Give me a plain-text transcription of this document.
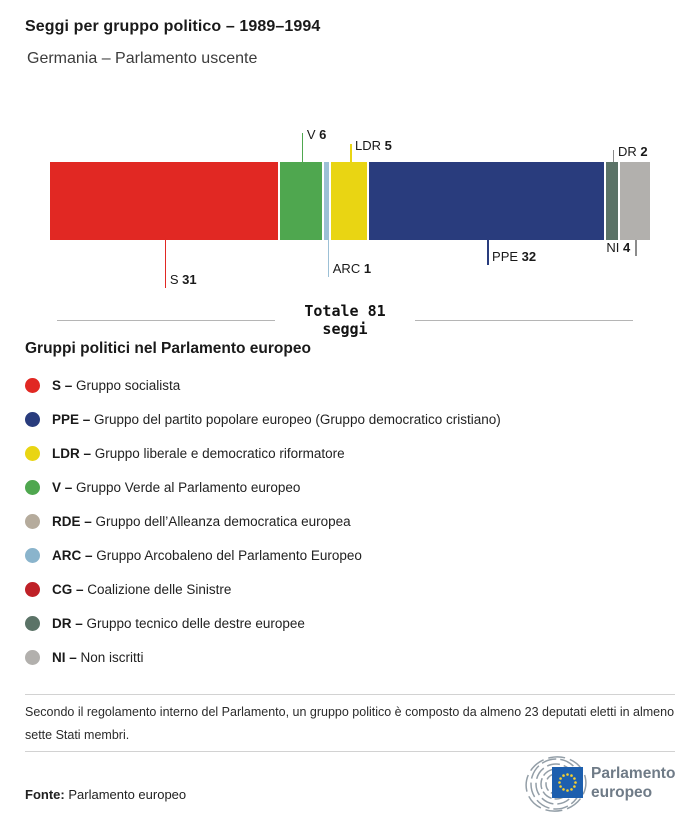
Seggi per gruppo politico – 1989–1994
Germania – Parlamento uscente
S 31
V 6
ARC 1
LDR 5
PPE 32
DR 2
NI 4
Totale 81
seggi
Gruppi politici nel Parlamento europeo
S – Gruppo socialista
PPE – Gruppo del partito popolare europeo (Gruppo democratico cristiano)
LDR – Gruppo liberale e democratico riformatore
V – Gruppo Verde al Parlamento europeo
RDE – Gruppo dell’Alleanza democratica europea
ARC – Gruppo Arcobaleno del Parlamento Europeo
CG – Coalizione delle Sinistre
DR – Gruppo tecnico delle destre europee
NI – Non iscritti
Secondo il regolamento interno del Parlamento, un gruppo politico è composto da almeno 23 deputati eletti in almeno sette Stati membri.
Fonte: Parlamento europeo
Parlamento
europeo
